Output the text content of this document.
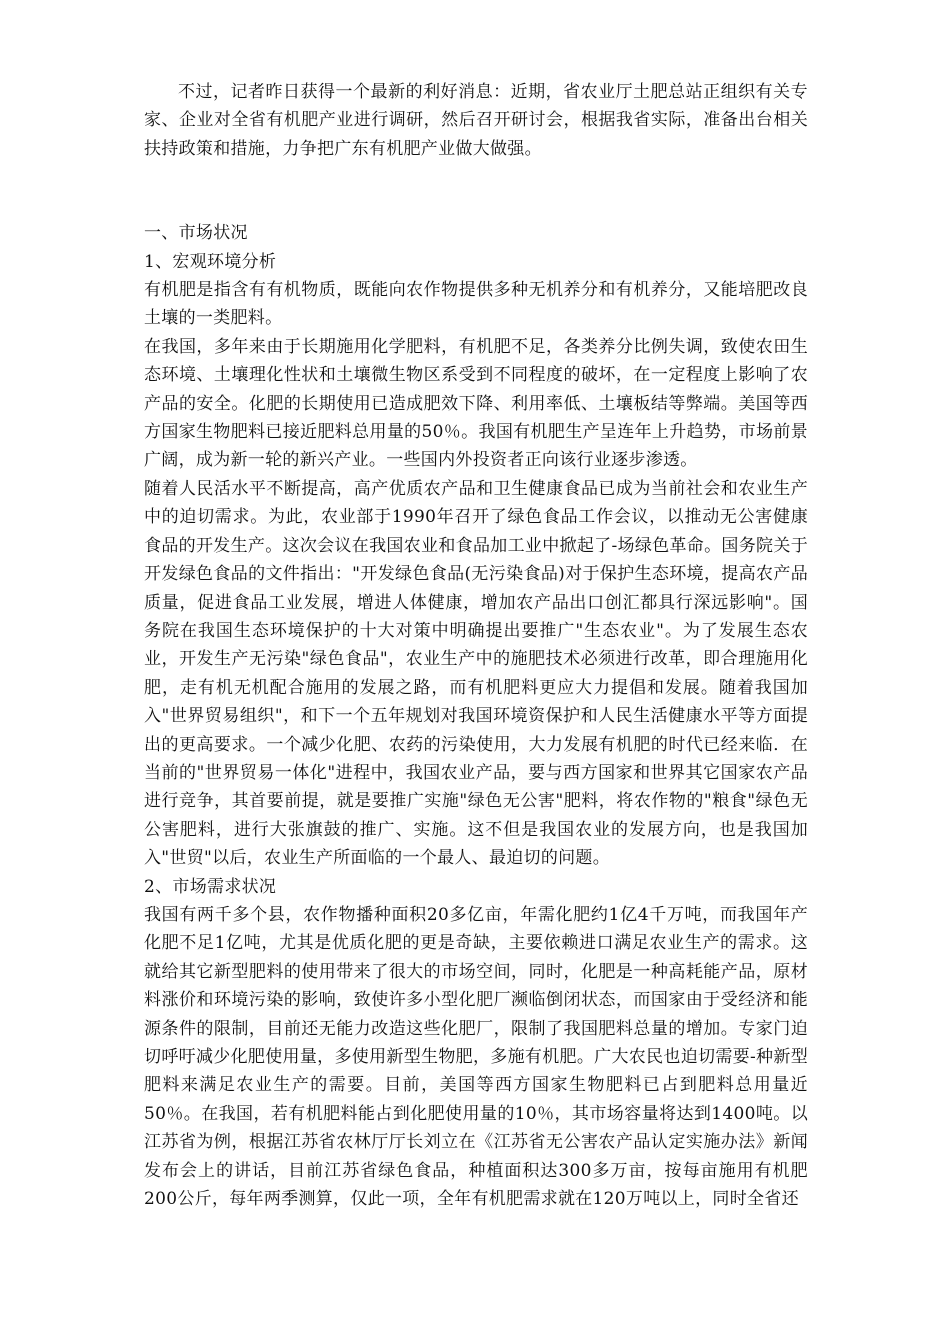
不过，记者昨日获得一个最新的利好消息：近期，省农业厅土肥总站正组织有关专家、企业对全省有机肥产业进行调研，然后召开研讨会，根据我省实际，准备出台相关扶持政策和措施，力争把广东有机肥产业做大做强。

一、市场状况

1、宏观环境分析

有机肥是指含有有机物质，既能向农作物提供多种无机养分和有机养分，又能培肥改良土壤的一类肥料。

在我国，多年来由于长期施用化学肥料，有机肥不足，各类养分比例失调，致使农田生态环境、土壤理化性状和土壤微生物区系受到不同程度的破坏，在一定程度上影响了农产品的安全。化肥的长期使用已造成肥效下降、利用率低、土壤板结等弊端。美国等西方国家生物肥料已接近肥料总用量的50％。我国有机肥生产呈连年上升趋势，市场前景广阔，成为新一轮的新兴产业。一些国内外投资者正向该行业逐步渗透。

随着人民活水平不断提高，高产优质农产品和卫生健康食品已成为当前社会和农业生产中的迫切需求。为此，农业部于1990年召开了绿色食品工作会议，以推动无公害健康食品的开发生产。这次会议在我国农业和食品加工业中掀起了-场绿色革命。国务院关于开发绿色食品的文件指出："开发绿色食品(无污染食品)对于保护生态环境，提高农产品质量，促进食品工业发展，增进人体健康，增加农产品出口创汇都具行深远影响"。国务院在我国生态环境保护的十大对策中明确提出要推广"生态农业"。为了发展生态农业，开发生产无污染"绿色食品"，农业生产中的施肥技术必须进行改革，即合理施用化肥，走有机无机配合施用的发展之路，而有机肥料更应大力提倡和发展。随着我国加入"世界贸易组织"，和下一个五年规划对我国环境资保护和人民生活健康水平等方面提出的更高要求。一个减少化肥、农药的污染使用，大力发展有机肥的时代已经来临．在当前的"世界贸易一体化"进程中，我国农业产品，要与西方国家和世界其它国家农产品进行竞争，其首要前提，就是要推广实施"绿色无公害"肥料，将农作物的"粮食"绿色无公害肥料，进行大张旗鼓的推广、实施。这不但是我国农业的发展方向，也是我国加入"世贸"以后，农业生产所面临的一个最人、最迫切的问题。

2、市场需求状况

我国有两千多个县，农作物播种面积20多亿亩，年需化肥约1亿4千万吨，而我国年产化肥不足1亿吨，尤其是优质化肥的更是奇缺，主要依赖进口满足农业生产的需求。这就给其它新型肥料的使用带来了很大的市场空间，同时，化肥是一种高耗能产品，原材料涨价和环境污染的影响，致使许多小型化肥厂濒临倒闭状态，而国家由于受经济和能源条件的限制，目前还无能力改造这些化肥厂，限制了我国肥料总量的增加。专家门迫切呼吁减少化肥使用量，多使用新型生物肥，多施有机肥。广大农民也迫切需要-种新型肥料来满足农业生产的需要。目前，美国等西方国家生物肥料已占到肥料总用量近50％。在我国，若有机肥料能占到化肥使用量的10％，其市场容量将达到1400吨。以江苏省为例，根据江苏省农林厅厅长刘立在《江苏省无公害农产品认定实施办法》新闻发布会上的讲话，目前江苏省绿色食品，种植面积达300多万亩，按每亩施用有机肥200公斤，每年两季测算，仅此一项，全年有机肥需求就在120万吨以上，同时全省还
